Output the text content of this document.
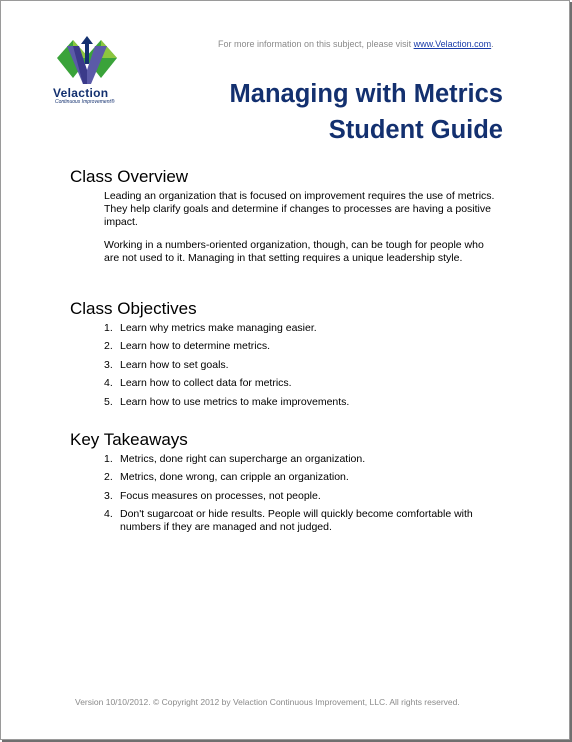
Velaction
Continuous Improvement®
For more information on this subject, please visit www.Velaction.com.
Managing with Metrics
Student Guide
Class Overview
Leading an organization that is focused on improvement requires the use of metrics. They help clarify goals and determine if changes to processes are having a positive impact.
Working in a numbers-oriented organization, though, can be tough for people who are not used to it. Managing in that setting requires a unique leadership style.
Class Objectives
1. Learn why metrics make managing easier.
2. Learn how to determine metrics.
3. Learn how to set goals.
4. Learn how to collect data for metrics.
5. Learn how to use metrics to make improvements.
Key Takeaways
1. Metrics, done right can supercharge an organization.
2. Metrics, done wrong, can cripple an organization.
3. Focus measures on processes, not people.
4. Don't sugarcoat or hide results. People will quickly become comfortable with numbers if they are managed and not judged.
Version 10/10/2012. © Copyright 2012 by Velaction Continuous Improvement, LLC. All rights reserved.
